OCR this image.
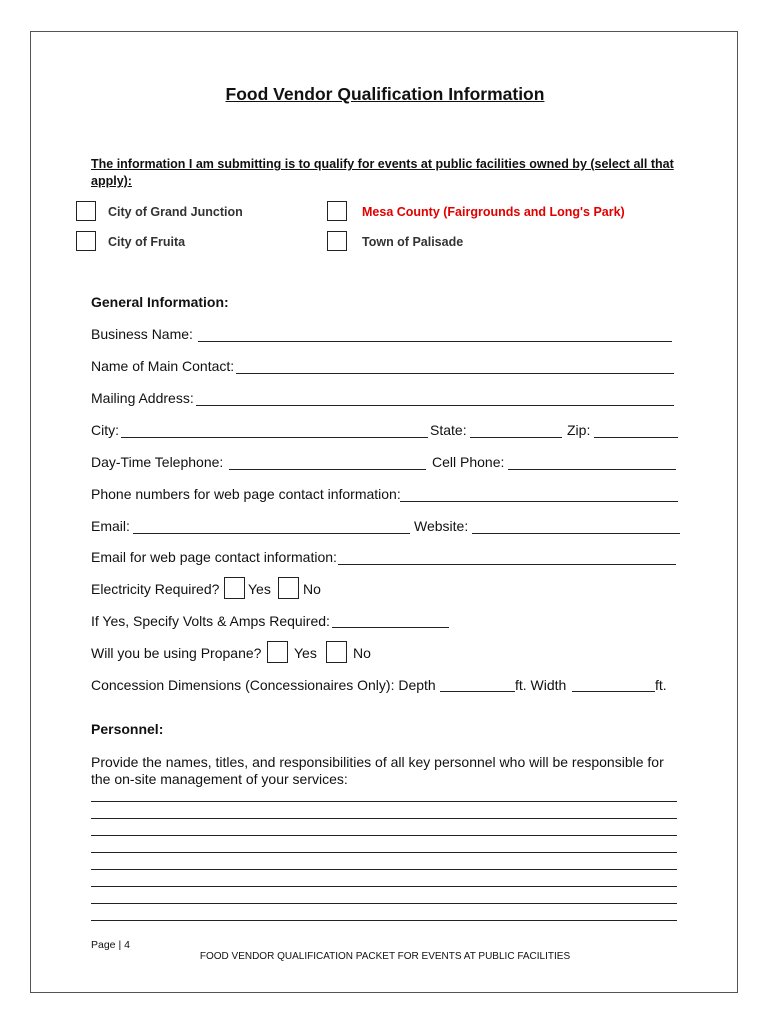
Food Vendor Qualification Information
The information I am submitting is to qualify for events at public facilities owned by (select all that apply):
City of Grand Junction	Mesa County (Fairgrounds and Long's Park)
City of Fruita	Town of Palisade
General Information:
Business Name:
Name of Main Contact:
Mailing Address:
City:	State:	Zip:
Day-Time Telephone:	Cell Phone:
Phone numbers for web page contact information:
Email:	Website:
Email for web page contact information:
Electricity Required? Yes No
If Yes, Specify Volts & Amps Required:
Will you be using Propane? Yes	No
Concession Dimensions (Concessionaires Only): Depth	ft. Width	ft.
Personnel:
Provide the names, titles, and responsibilities of all key personnel who will be responsible for the on-site management of your services:
Page | 4
FOOD VENDOR QUALIFICATION PACKET FOR EVENTS AT PUBLIC FACILITIES
